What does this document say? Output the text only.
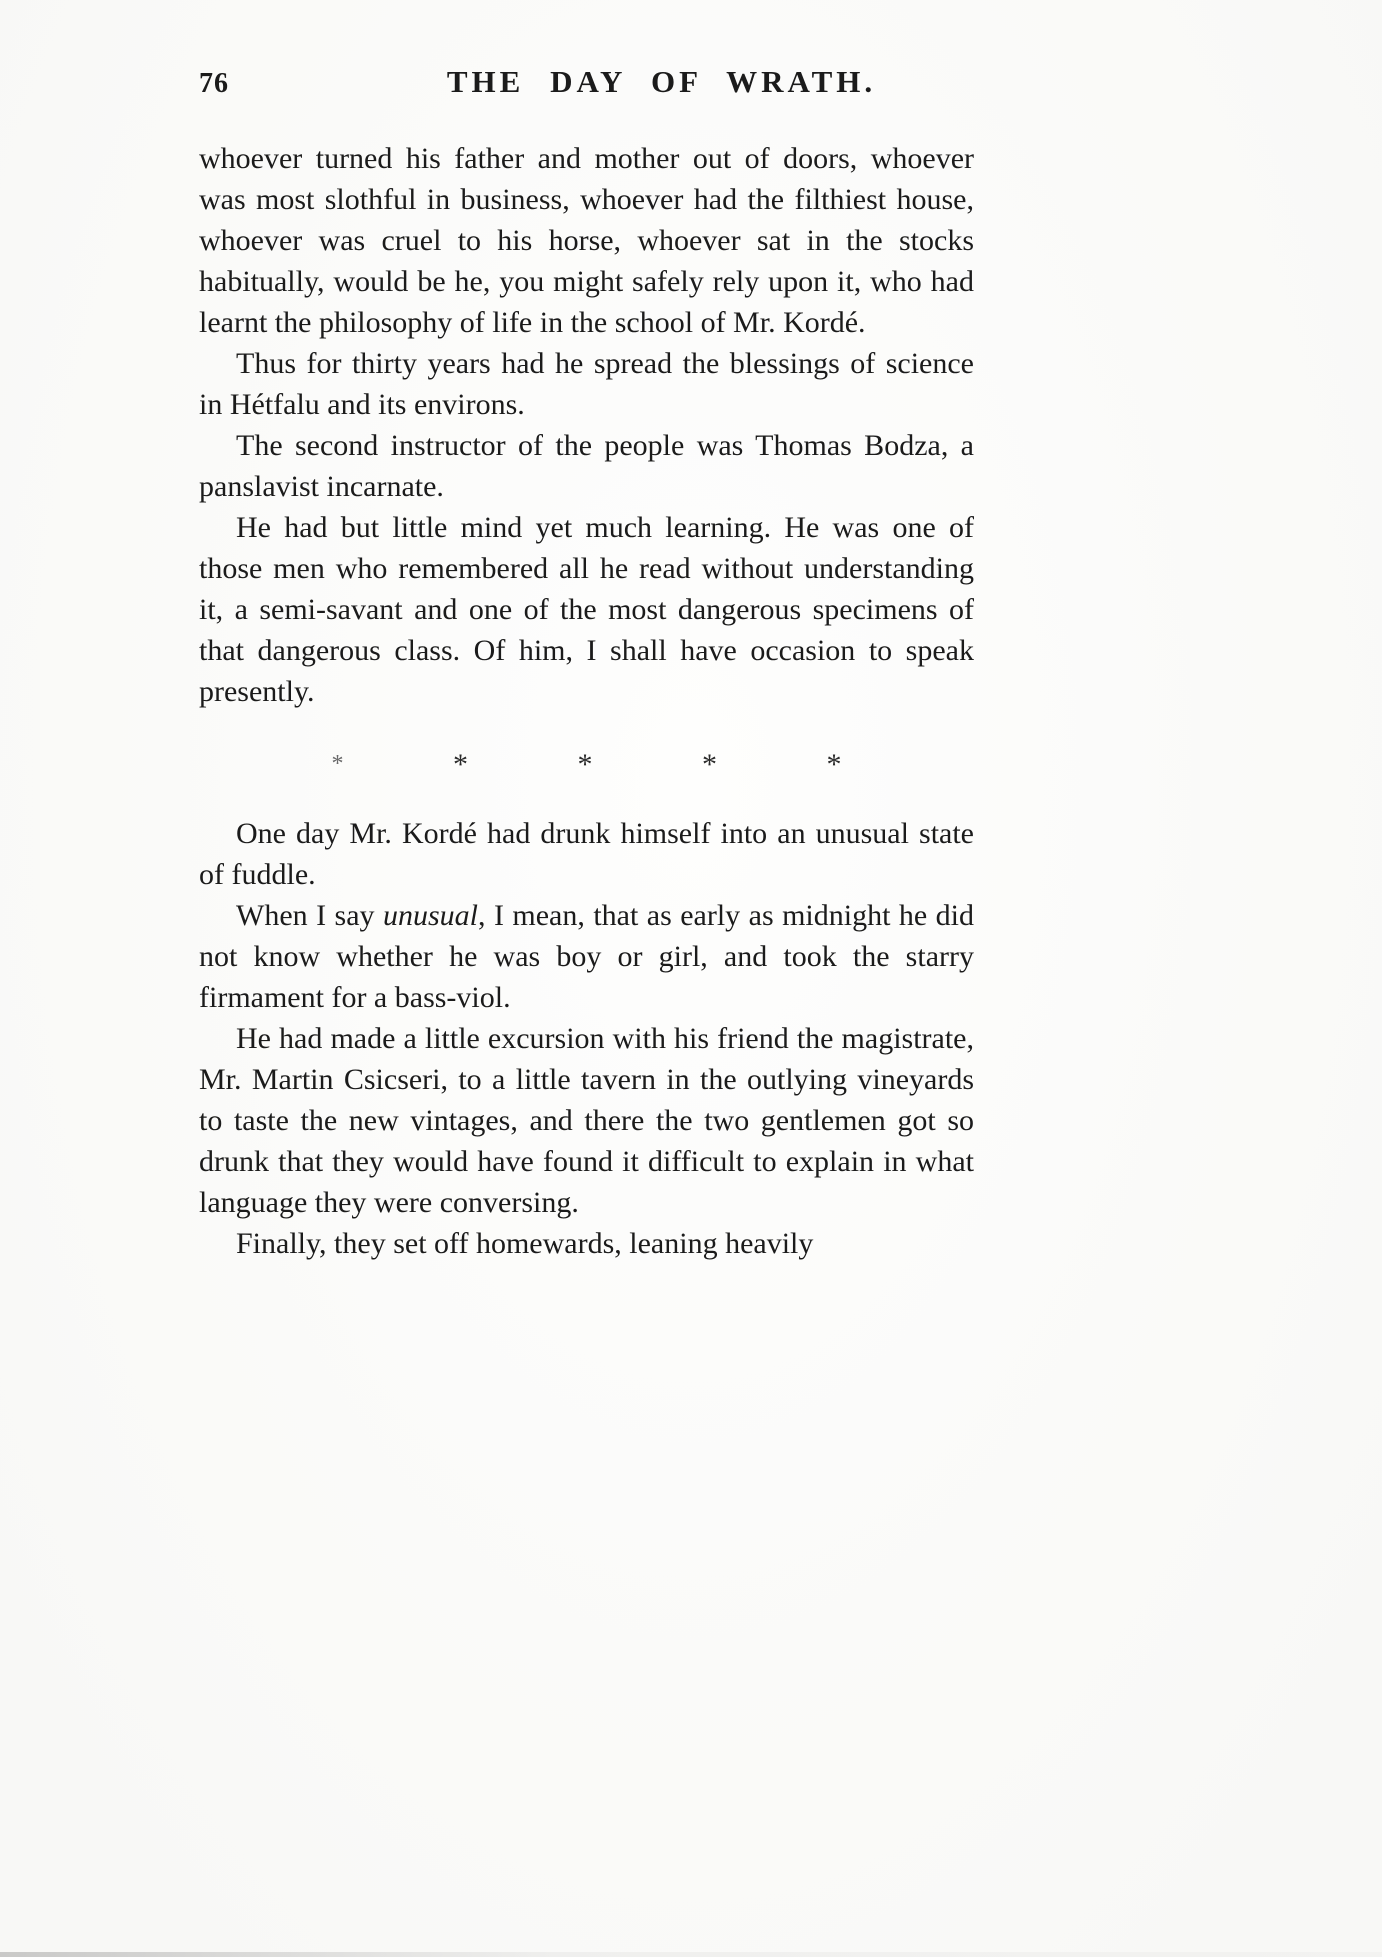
76	THE DAY OF WRATH.

whoever turned his father and mother out of doors, whoever was most slothful in business, whoever had the filthiest house, whoever was cruel to his horse, whoever sat in the stocks habitually, would be he, you might safely rely upon it, who had learnt the philosophy of life in the school of Mr. Kordé.

Thus for thirty years had he spread the blessings of science in Hétfalu and its environs.

The second instructor of the people was Thomas Bodza, a panslavist incarnate.

He had but little mind yet much learning. He was one of those men who remembered all he read without understanding it, a semi-savant and one of the most dangerous specimens of that dangerous class. Of him, I shall have occasion to speak presently.

*	*	*	*	*

One day Mr. Kordé had drunk himself into an unusual state of fuddle.

When I say unusual, I mean, that as early as midnight he did not know whether he was boy or girl, and took the starry firmament for a bass-viol.

He had made a little excursion with his friend the magistrate, Mr. Martin Csicseri, to a little tavern in the outlying vineyards to taste the new vintages, and there the two gentlemen got so drunk that they would have found it difficult to explain in what language they were conversing.

Finally, they set off homewards, leaning heavily
